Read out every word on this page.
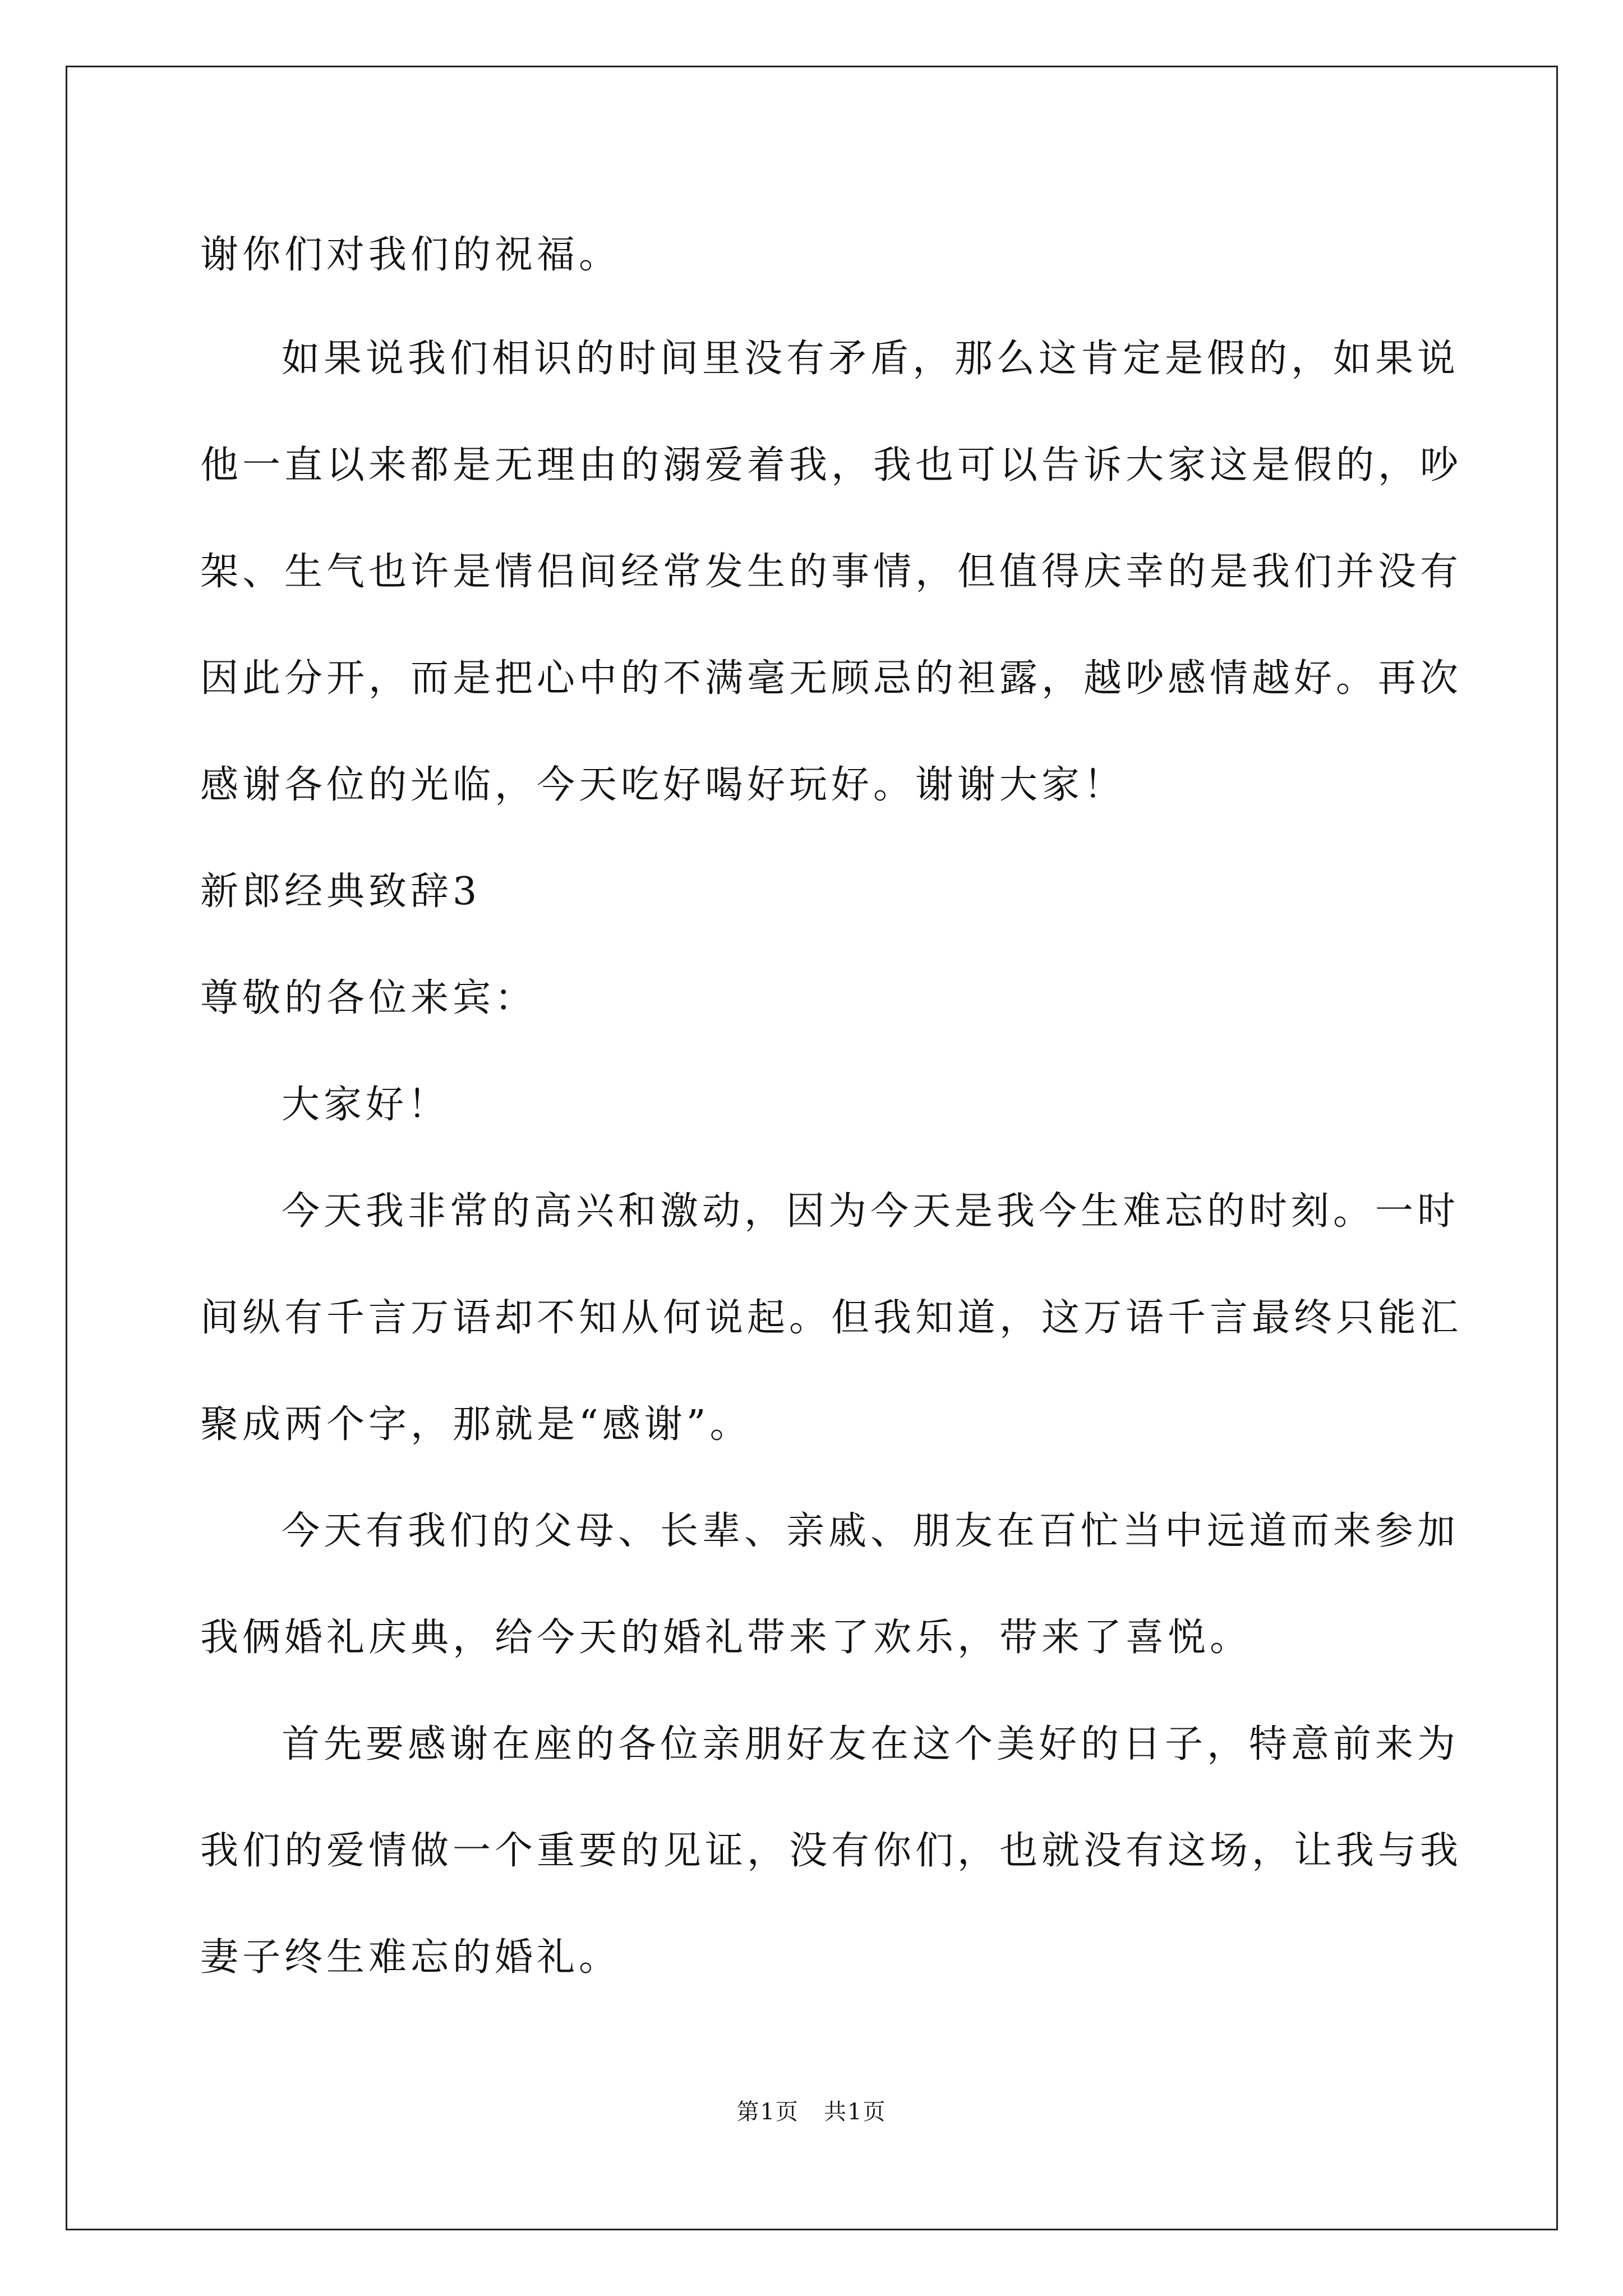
谢你们对我们的祝福。
如果说我们相识的时间里没有矛盾，那么这肯定是假的，如果说
他一直以来都是无理由的溺爱着我，我也可以告诉大家这是假的，吵
架、生气也许是情侣间经常发生的事情，但值得庆幸的是我们并没有
因此分开，而是把心中的不满毫无顾忌的袒露，越吵感情越好。再次
感谢各位的光临，今天吃好喝好玩好。谢谢大家！
新郎经典致辞3
尊敬的各位来宾：
大家好！
今天我非常的高兴和激动，因为今天是我今生难忘的时刻。一时
间纵有千言万语却不知从何说起。但我知道，这万语千言最终只能汇
聚成两个字，那就是“感谢”。
今天有我们的父母、长辈、亲戚、朋友在百忙当中远道而来参加
我俩婚礼庆典，给今天的婚礼带来了欢乐，带来了喜悦。
首先要感谢在座的各位亲朋好友在这个美好的日子，特意前来为
我们的爱情做一个重要的见证，没有你们，也就没有这场，让我与我
妻子终生难忘的婚礼。
第1页   共1页
